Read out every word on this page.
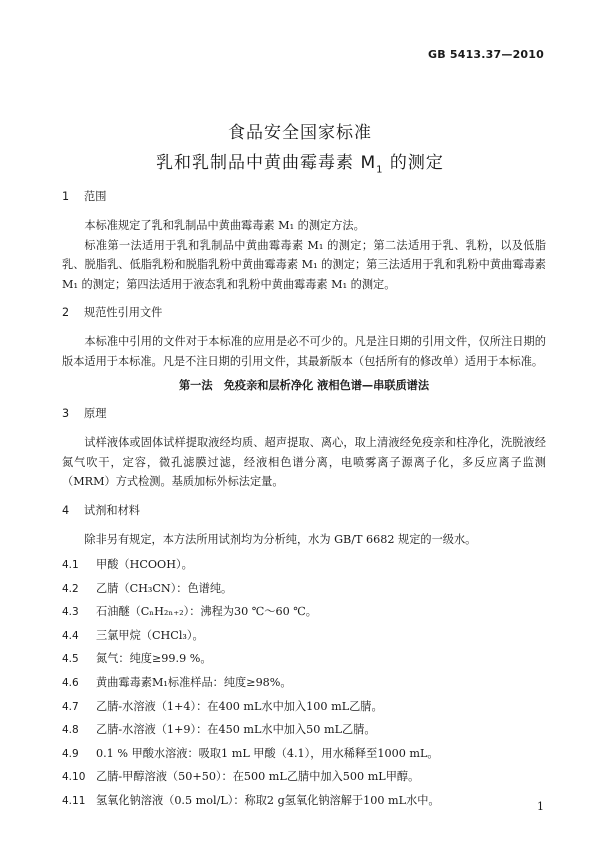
GB 5413.37—2010
食品安全国家标准
乳和乳制品中黄曲霉毒素 $M_1$ 的测定
1 范围

本标准规定了乳和乳制品中黄曲霉毒素 M₁ 的测定方法。

标准第一法适用于乳和乳制品中黄曲霉毒素 M₁ 的测定；第二法适用于乳、乳粉，以及低脂乳、脱脂乳、低脂乳粉和脱脂乳粉中黄曲霉毒素 M₁ 的测定；第三法适用于乳和乳粉中黄曲霉毒素 M₁ 的测定；第四法适用于液态乳和乳粉中黄曲霉毒素 M₁ 的测定。

2 规范性引用文件

本标准中引用的文件对于本标准的应用是必不可少的。凡是注日期的引用文件，仅所注日期的版本适用于本标准。凡是不注日期的引用文件，其最新版本（包括所有的修改单）适用于本标准。

第一法　免疫亲和层析净化 液相色谱—串联质谱法
3 原理

试样液体或固体试样提取液经均质、超声提取、离心，取上清液经免疫亲和柱净化，洗脱液经氮气吹干，定容，微孔滤膜过滤，经液相色谱分离，电喷雾离子源离子化，多反应离子监测（MRM）方式检测。基质加标外标法定量。

4 试剂和材料

除非另有规定，本方法所用试剂均为分析纯，水为 GB/T 6682 规定的一级水。

4.1 甲酸（HCOOH）。
4.2 乙腈（CH₃CN）：色谱纯。
4.3 石油醚（CₙH₂ₙ₊₂）：沸程为30 ℃～60 ℃。
4.4 三氯甲烷（CHCl₃）。
4.5 氮气：纯度≥99.9 %。
4.6 黄曲霉毒素M₁标准样品：纯度≥98%。
4.7 乙腈-水溶液（1+4）：在400 mL水中加入100 mL乙腈。
4.8 乙腈-水溶液（1+9）：在450 mL水中加入50 mL乙腈。
4.9 0.1 % 甲酸水溶液：吸取1 mL 甲酸（4.1），用水稀释至1000 mL。
4.10 乙腈-甲醇溶液（50+50）：在500 mL乙腈中加入500 mL甲醇。
4.11 氢氧化钠溶液（0.5 mol/L）：称取2 g氢氧化钠溶解于100 mL水中。	1
